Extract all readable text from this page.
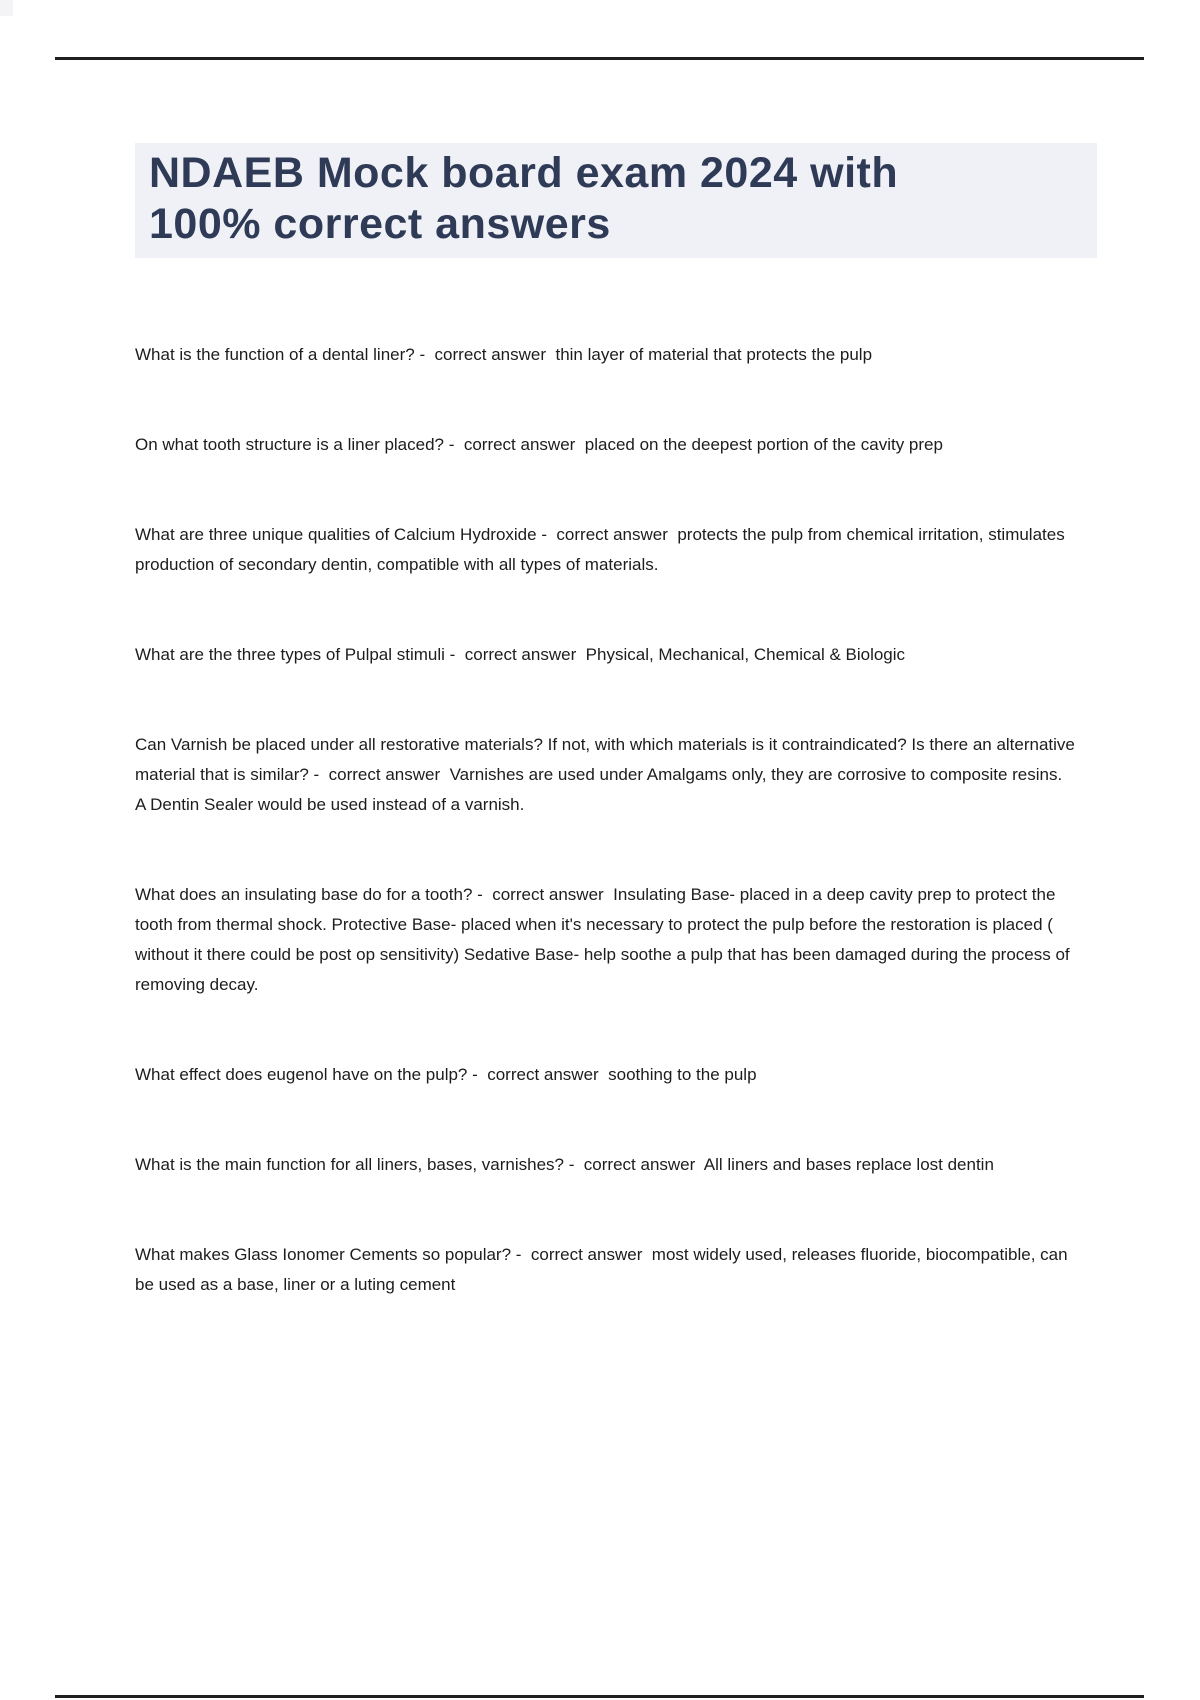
NDAEB Mock board exam 2024 with
100% correct answers

What is the function of a dental liner? -  correct answer  thin layer of material that protects the pulp

On what tooth structure is a liner placed? -  correct answer  placed on the deepest portion of the cavity prep

What are three unique qualities of Calcium Hydroxide -  correct answer  protects the pulp from chemical irritation, stimulates production of secondary dentin, compatible with all types of materials.

What are the three types of Pulpal stimuli -  correct answer  Physical, Mechanical, Chemical & Biologic

Can Varnish be placed under all restorative materials? If not, with which materials is it contraindicated? Is there an alternative material that is similar? -  correct answer  Varnishes are used under Amalgams only, they are corrosive to composite resins. A Dentin Sealer would be used instead of a varnish.

What does an insulating base do for a tooth? -  correct answer  Insulating Base- placed in a deep cavity prep to protect the tooth from thermal shock. Protective Base- placed when it's necessary to protect the pulp before the restoration is placed ( without it there could be post op sensitivity) Sedative Base- help soothe a pulp that has been damaged during the process of removing decay.

What effect does eugenol have on the pulp? -  correct answer  soothing to the pulp

What is the main function for all liners, bases, varnishes? -  correct answer  All liners and bases replace lost dentin

What makes Glass Ionomer Cements so popular? -  correct answer  most widely used, releases fluoride, biocompatible, can be used as a base, liner or a luting cement
